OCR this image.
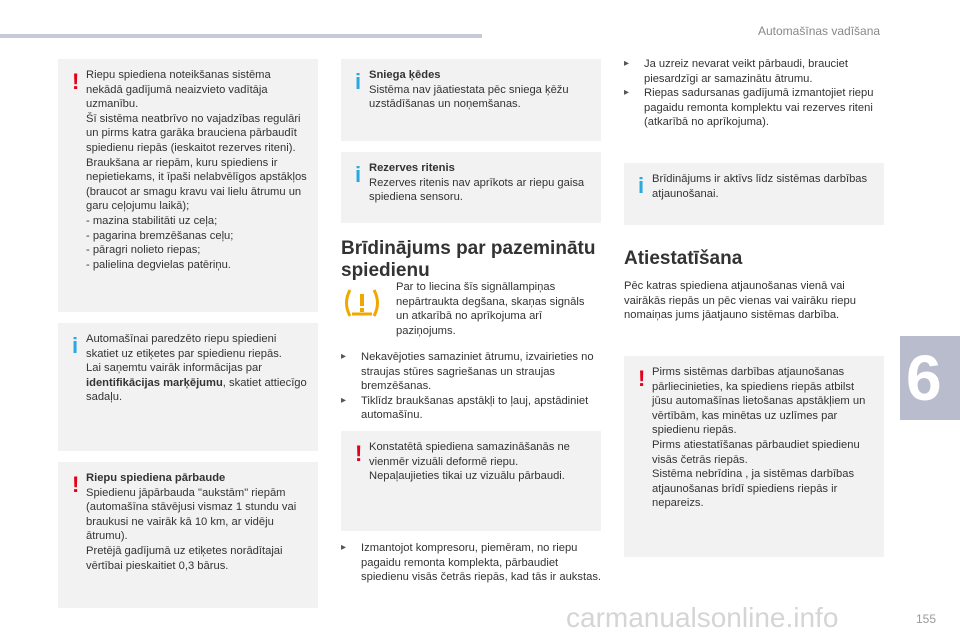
Automašīnas vadīšana
6
! Riepu spiediena noteikšanas sistēma nekādā gadījumā neaizvieto vadītāja uzmanību.
Šī sistēma neatbrīvo no vajadzības regulāri un pirms katra garāka brauciena pārbaudīt spiedienu riepās (ieskaitot rezerves riteni).
Braukšana ar riepām, kuru spiediens ir nepietiekams, it īpaši nelabvēlīgos apstākļos (braucot ar smagu kravu vai lielu ātrumu un garu ceļojumu laikā);
- mazina stabilitāti uz ceļa;
- pagarina bremzēšanas ceļu;
- pāragri nolieto riepas;
- palielina degvielas patēriņu.
i Automašīnai paredzēto riepu spiedieni skatiet uz etiķetes par spiedienu riepās.
Lai saņemtu vairāk informācijas par identifikācijas marķējumu, skatiet attiecīgo sadaļu.
! Riepu spiediena pārbaude
Spiedienu jāpārbauda "aukstām" riepām (automašīna stāvējusi vismaz 1 stundu vai braukusi ne vairāk kā 10 km, ar vidēju ātrumu).
Pretējā gadījumā uz etiķetes norādītajai vērtībai pieskaitiet 0,3 bārus.
i Sniega ķēdes
Sistēma nav jāatiestata pēc sniega ķēžu uzstādīšanas un noņemšanas.
i Rezerves ritenis
Rezerves ritenis nav aprīkots ar riepu gaisa spiediena sensoru.
Brīdinājums par pazeminātu spiedienu
Par to liecina šīs signāllampiņas nepārtraukta degšana, skaņas signāls un atkarībā no aprīkojuma arī paziņojums.
▸ Nekavējoties samaziniet ātrumu, izvairieties no straujas stūres sagriešanas un straujas bremzēšanas.
▸ Tiklīdz braukšanas apstākļi to ļauj, apstādiniet automašīnu.
! Konstatētā spiediena samazināšanās ne vienmēr vizuāli deformē riepu.
Nepaļaujieties tikai uz vizuālu pārbaudi.
▸ Izmantojot kompresoru, piemēram, no riepu pagaidu remonta komplekta, pārbaudiet spiedienu visās četrās riepās, kad tās ir aukstas.
▸ Ja uzreiz nevarat veikt pārbaudi, brauciet piesardzīgi ar samazinātu ātrumu.
▸ Riepas sadursanas gadījumā izmantojiet riepu pagaidu remonta komplektu vai rezerves riteni (atkarībā no aprīkojuma).
i Brīdinājums ir aktīvs līdz sistēmas darbības atjaunošanai.
Atiestatīšana
Pēc katras spiediena atjaunošanas vienā vai vairākās riepās un pēc vienas vai vairāku riepu nomaiņas jums jāatjauno sistēmas darbība.
! Pirms sistēmas darbības atjaunošanas pārliecinieties, ka spiediens riepās atbilst jūsu automašīnas lietošanas apstākļiem un vērtībām, kas minētas uz uzlīmes par spiedienu riepās.
Pirms atiestatīšanas pārbaudiet spiedienu visās četrās riepās.
Sistēma nebrīdina , ja sistēmas darbības atjaunošanas brīdī spiediens riepās ir nepareizs.
carmanualsonline.info	155
